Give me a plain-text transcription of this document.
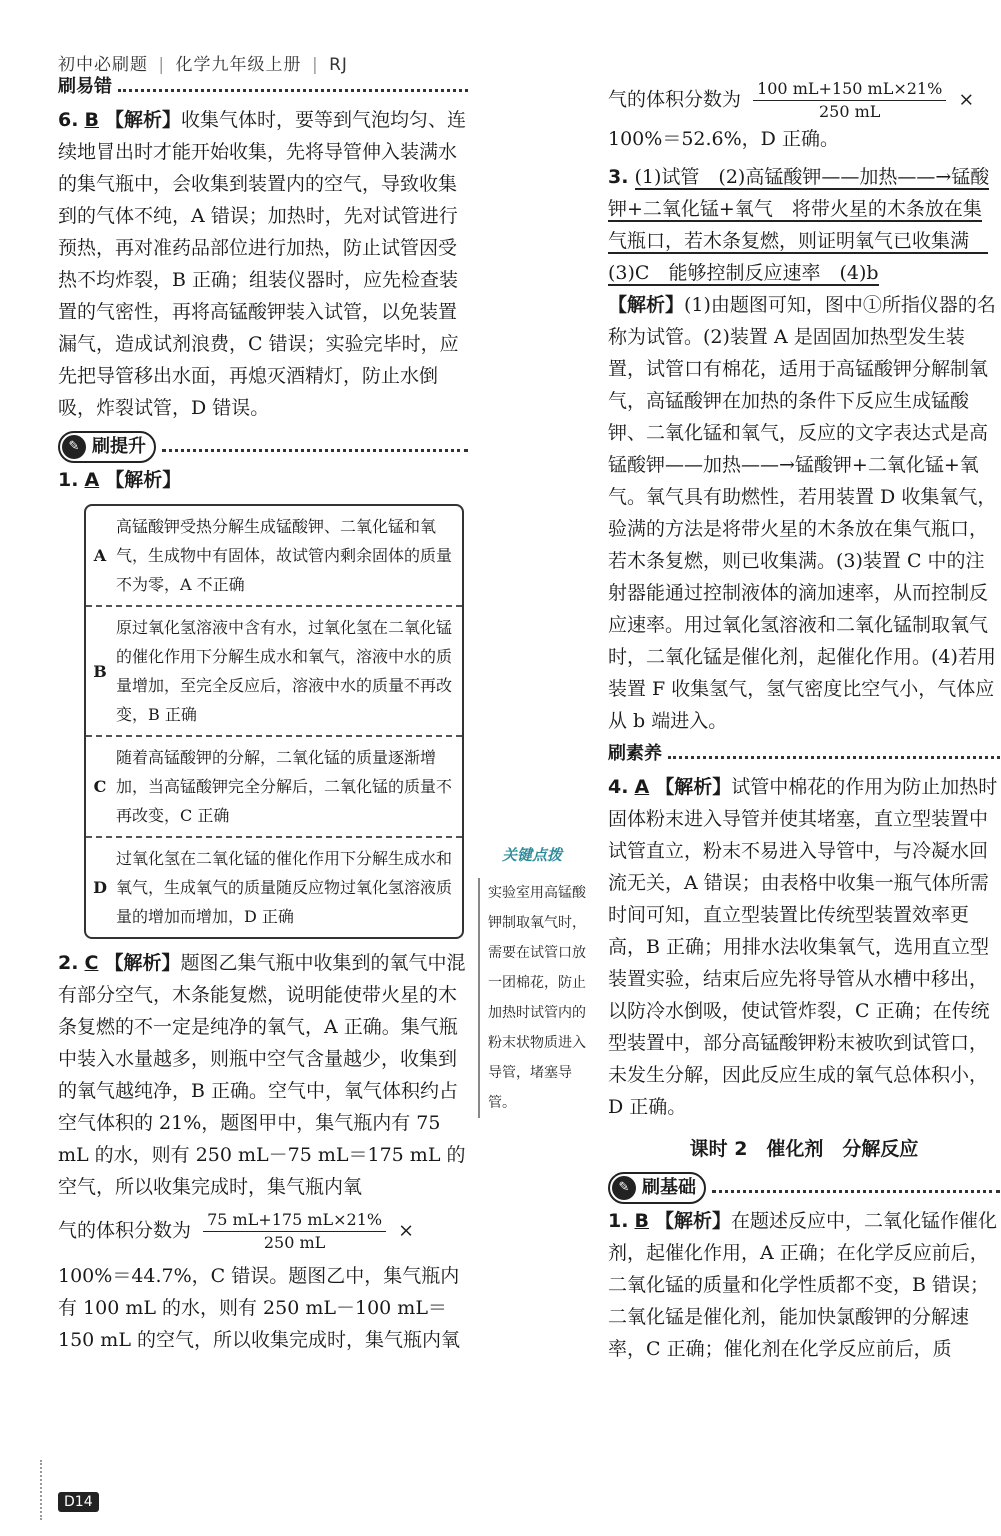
初中必刷题 | 化学九年级上册 | RJ
刷易错

6. B 【解析】收集气体时，要等到气泡均匀、连续地冒出时才能开始收集，先将导管伸入装满水的集气瓶中，会收集到装置内的空气，导致收集到的气体不纯，A 错误；加热时，先对试管进行预热，再对准药品部位进行加热，防止试管因受热不均炸裂，B 正确；组装仪器时，应先检查装置的气密性，再将高锰酸钾装入试管，以免装置漏气，造成试剂浪费，C 错误；实验完毕时，应先把导管移出水面，再熄灭酒精灯，防止水倒吸，炸裂试管，D 错误。

✎ 刷提升

1. A 【解析】

A
高锰酸钾受热分解生成锰酸钾、二氧化锰和氧气，生成物中有固体，故试管内剩余固体的质量不为零，A 不正确
B
原过氧化氢溶液中含有水，过氧化氢在二氧化锰的催化作用下分解生成水和氧气，溶液中水的质量增加，至完全反应后，溶液中水的质量不再改变，B 正确
C
随着高锰酸钾的分解，二氧化锰的质量逐渐增加，当高锰酸钾完全分解后，二氧化锰的质量不再改变，C 正确
D
过氧化氢在二氧化锰的催化作用下分解生成水和氧气，生成氧气的质量随反应物过氧化氢溶液质量的增加而增加，D 正确

2. C 【解析】题图乙集气瓶中收集到的氧气中混有部分空气，木条能复燃，说明能使带火星的木条复燃的不一定是纯净的氧气，A 正确。集气瓶中装入水量越多，则瓶中空气含量越少，收集到的氧气越纯净，B 正确。空气中，氧气体积约占空气体积的 21%，题图甲中，集气瓶内有 75 mL 的水，则有 250 mL－75 mL＝175 mL 的空气，所以收集完成时，集气瓶内氧

气的体积分数为 $\frac{75 mL+175 mL\times 21\%}{250 mL}$ ×

100%＝44.7%，C 错误。题图乙中，集气瓶内有 100 mL 的水，则有 250 mL－100 mL＝150 mL 的空气，所以收集完成时，集气瓶内氧

关键点拨
实验室用高锰酸钾制取氧气时，需要在试管口放一团棉花，防止加热时试管内的粉末状物质进入导管，堵塞导管。

气的体积分数为 $\frac{100 mL+150 mL\times 21\%}{250 mL}$ ×

100%＝52.6%，D 正确。

3. (1)试管　(2)高锰酸钾——加热——→锰酸钾+二氧化锰+氧气　将带火星的木条放在集气瓶口，若木条复燃，则证明氧气已收集满　(3)C　能够控制反应速率　(4)b

【解析】(1)由题图可知，图中①所指仪器的名称为试管。(2)装置 A 是固固加热型发生装置，试管口有棉花，适用于高锰酸钾分解制氧气，高锰酸钾在加热的条件下反应生成锰酸钾、二氧化锰和氧气，反应的文字表达式是高锰酸钾——加热——→锰酸钾+二氧化锰+氧气。氧气具有助燃性，若用装置 D 收集氧气，验满的方法是将带火星的木条放在集气瓶口，若木条复燃，则已收集满。(3)装置 C 中的注射器能通过控制液体的滴加速率，从而控制反应速率。用过氧化氢溶液和二氧化锰制取氧气时，二氧化锰是催化剂，起催化作用。(4)若用装置 F 收集氢气，氢气密度比空气小，气体应从 b 端进入。

刷素养

4. A 【解析】试管中棉花的作用为防止加热时固体粉末进入导管并使其堵塞，直立型装置中试管直立，粉末不易进入导管中，与冷凝水回流无关，A 错误；由表格中收集一瓶气体所需时间可知，直立型装置比传统型装置效率更高，B 正确；用排水法收集氧气，选用直立型装置实验，结束后应先将导管从水槽中移出，以防冷水倒吸，使试管炸裂，C 正确；在传统型装置中，部分高锰酸钾粉末被吹到试管口，未发生分解，因此反应生成的氧气总体积小，D 正确。

课时 2　催化剂　分解反应
✎ 刷基础

1. B 【解析】在题述反应中，二氧化锰作催化剂，起催化作用，A 正确；在化学反应前后，二氧化锰的质量和化学性质都不变，B 错误；二氧化锰是催化剂，能加快氯酸钾的分解速率，C 正确；催化剂在化学反应前后，质

D14
